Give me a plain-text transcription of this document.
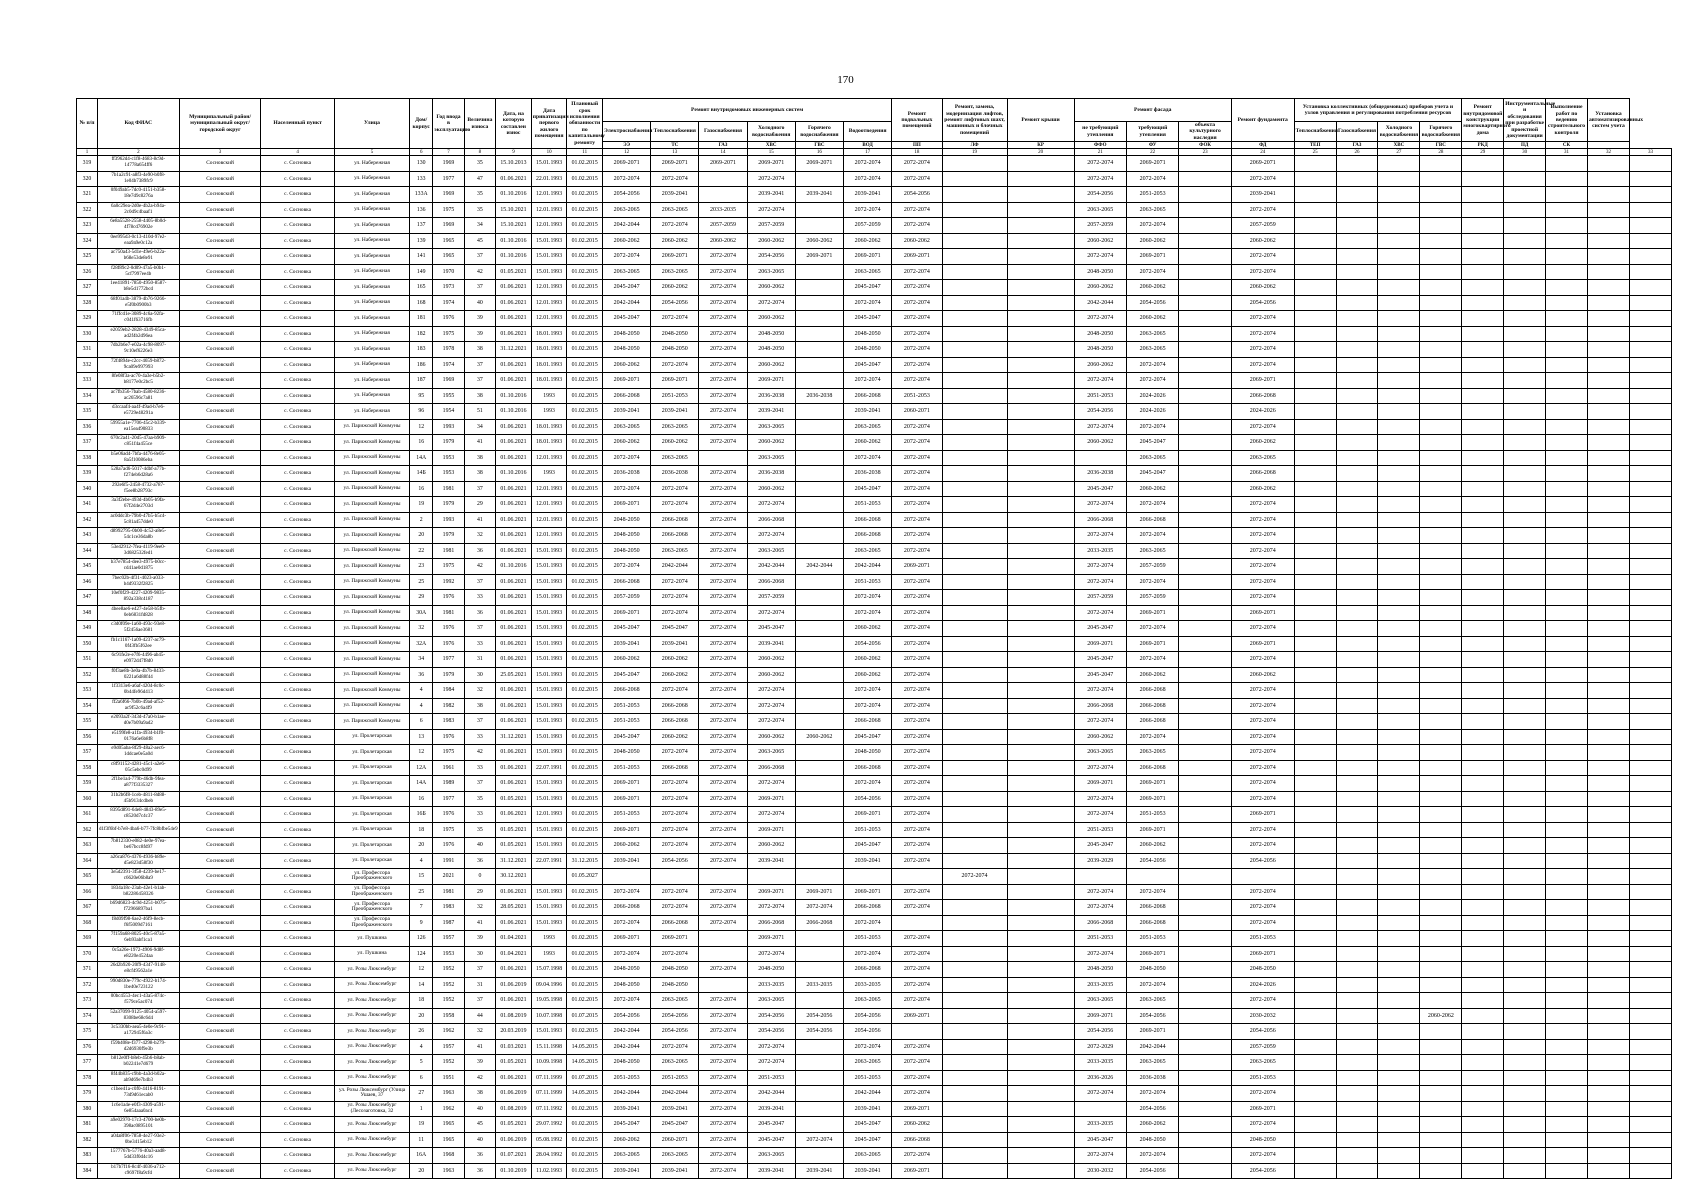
170
№ п/п	Код ФИАС	Муниципальный район/муниципальный округ/городской округ	Населенный пункт	Улица	Дом/корпус	Год ввода в эксплуатацию	Величина износа	Дата, на которую составлен износ	Дата приватизации первого жилого помещения	Плановый срок исполнения обязанности по капитальному ремонту	Ремонт внутридомовых инженерных систем						Ремонт подвальных помещений	Ремонт, замена, модернизация лифтов, ремонт лифтовых шахт, машинных и блочных помещений	Ремонт крыши	Ремонт фасада			Ремонт фундамента	Установка коллективных (общедомовых) приборов учета и узлов управления и регулирования потребления ресурсов				Ремонт внутридомовой конструкции многоквартирного дома	Инструментальные и обследования при разработке проектной документации	Выполнение работ по ведению строительного контроля	Установка автоматизированных систем учета	
											Электроснабжения	Теплоснабжения	Газоснабжения	Холодного водоснабжения	Горячего водоснабжения	Водоотведения				не требующий утепления	требующий утепления	объекта культурного наследия		Теплоснабжения	Газоснабжения	Холодного водоснабжения	Горячего водоснабжения					
											ЭЭ	ТС	ГАЗ	ХВС	ГВС	ВОД	ПП	ЛФ	КР	ФФО	ФУ	ФОК	ФД	ТЕП	ГАЗ	ХВС	ГВС	РКД	ПД	СК		
1	2	3	4	5	6	7	8	9	10	11	12	13	14	15	16	17	18	19	20	21	22	23	24	25	26	27	28	29	30	31	32	33
319	ff3962d4-c1f8-4683-8c9d-14778a654ff6	Сосновский	с. Сосновка	ул. Набережная	130	1969	35	15.10.2013	15.01.1993	01.02.2015	2069-2071	2069-2071	2069-2071	2069-2071	2069-2071	2072-2074	2072-2074			2072-2074	2069-2071		2069-2071									
320	7b1a2c91-a8f3-4e90-b0f8-1e04b7389fc9	Сосновский	с. Сосновка	ул. Набережная	133	1977	47	01.06.2021	22.01.1993	01.02.2015	2072-2074	2072-2074		2072-2074		2072-2074	2072-2074			2072-2074	2072-2074		2072-2074									
321	0f049ab5-7dc0-4151-b358-18e7d9c8276a	Сосновский	с. Сосновка	ул. Набережная	133А	1969	35	01.10.2016	12.01.1993	01.02.2015	2054-2056	2039-2041		2039-2041	2039-2041	2039-2041	2054-2056			2054-2056	2051-2053		2039-2041									
322	6a0c29ea-2d0e-4b2a-b94a-2c0d9c4baaf1	Сосновский	с. Сосновка	ул. Набережная	136	1975	35	15.10.2021	12.01.1993	01.02.2015	2063-2065	2063-2065	2033-2035	2072-2074		2072-2074	2072-2074			2063-2065	2063-2065		2072-2074									
323	6e8a5528-2558-4405-8b0d-4f78cd76902e	Сосновский	с. Сосновка	ул. Набережная	137	1969	34	15.10.2021	12.01.1993	01.02.2015	2042-2044	2072-2074	2057-2059	2057-2059		2057-2059	2072-2074			2057-2059	2072-2074		2057-2059									
324	0ee995d3-0c13-410d-97e2-eaa9a9e0c12a	Сосновский	с. Сосновка	ул. Набережная	139	1965	45	01.10.2016	15.01.1993	01.02.2015	2060-2062	2060-2062	2060-2062	2060-2062	2060-2062	2060-2062	2060-2062			2060-2062	2060-2062		2060-2062									
325	ac750a43-5d1e-49e6-b22a-b68e53de8e91	Сосновский	с. Сосновка	ул. Набережная	141	1965	37	01.10.2016	15.01.1993	01.02.2015	2072-2074	2069-2071	2072-2074	2054-2056	2069-2071	2069-2071	2069-2071			2072-2074	2069-2071		2072-2074									
326	f28f89c2-0d09-47a5-b0b1-5cf7997ee4b	Сосновский	с. Сосновка	ул. Набережная	149	1970	42	01.05.2021	15.01.1993	01.02.2015	2063-2065	2063-2065	2072-2074	2063-2065		2063-2065	2072-2074			2048-2050	2072-2074		2072-2074									
327	1ee41891-7850-4950-8587-b8e5d1772bcd	Сосновский	с. Сосновка	ул. Набережная	165	1973	37	01.06.2021	12.01.1993	01.02.2015	2045-2047	2060-2062	2072-2074	2060-2062		2045-2047	2072-2074			2060-2062	2060-2062		2060-2062									
328	68f01a4b-3879-4b76-9266-e5f0b0900b3	Сосновский	с. Сосновка	ул. Набережная	168	1974	40	01.06.2021	12.01.1993	01.02.2015	2042-2044	2054-2056	2072-2074	2072-2074		2072-2074	2072-2074			2042-2044	2054-2056		2054-2056									
329	71ffcd1e-3089-4c6a-92fa-c041f63716fb	Сосновский	с. Сосновка	ул. Набережная	181	1976	39	01.06.2021	12.01.1993	01.02.2015	2045-2047	2072-2074	2072-2074	2060-2062		2045-2047	2072-2074			2072-2074	2060-2062		2072-2074									
330	e2059eb2-2828-4349-85ca-ad2f4b2d96ea	Сосновский	с. Сосновка	ул. Набережная	182	1975	39	01.06.2021	18.01.1993	01.02.2015	2048-2050	2048-2050	2072-2074	2048-2050		2048-2050	2072-2074			2048-2050	2063-2065		2072-2074									
331	7db2b6e7-e02a-4c98-8097-9c10ef6226e3	Сосновский	с. Сосновка	ул. Набережная	183	1978	38	31.12.2021	18.01.1993	01.02.2015	2048-2050	2048-2050	2072-2074	2048-2050		2048-2050	2072-2074			2048-2050	2063-2065		2072-2074									
332	72f4894e-c2cc-4659-b872-9ca09e997993	Сосновский	с. Сосновка	ул. Набережная	186	1974	37	01.06.2021	18.01.1993	01.02.2015	2060-2062	2072-2074	2072-2074	2060-2062		2045-2047	2072-2074			2060-2062	2072-2074		2072-2074									
333	8fe08f3a-ac70-4a3e-b5b2-b8177e0c2bc5	Сосновский	с. Сосновка	ул. Набережная	187	1969	37	01.06.2021	18.01.1993	01.02.2015	2069-2071	2069-2071	2072-2074	2069-2071		2072-2074	2072-2074			2072-2074	2072-2074		2069-2071									
334	ac7fb356-7bab-4580-8236-ac26596c7a81	Сосновский	с. Сосновка	ул. Набережная	95	1955	38	01.10.2016	1993	01.02.2015	2066-2068	2051-2053	2072-2074	2036-2038	2036-2038	2066-2068	2051-2053			2051-2053	2024-2026		2066-2068									
335	d3ccaaf4-aa4f-49ad-b7e6-e5729e48291a	Сосновский	с. Сосновка	ул. Набережная	96	1954	51	01.10.2016	1993	01.02.2015	2039-2041	2039-2041	2072-2074	2039-2041		2039-2041	2060-2071			2054-2056	2024-2026		2024-2026									
336	59955a1e-7706-45c2-b339-ea15ea490833	Сосновский	с. Сосновка	ул. Парижской Коммуны	12	1993	34	01.06.2021	18.01.1993	01.02.2015	2063-2065	2063-2065	2072-2074	2063-2065		2063-2065	2072-2074			2072-2074	2072-2074		2072-2074									
337	670c2a41-20d5-47aa-b909-c851f4a455ce	Сосновский	с. Сосновка	ул. Парижской Коммуны	16	1979	41	01.06.2021	18.01.1993	01.02.2015	2060-2062	2060-2062	2072-2074	2060-2062		2060-2062	2072-2074			2060-2062	2045-2047		2060-2062									
338	b5e06ad4-7bfa-4476-8e05-8a5f10086eba	Сосновский	с. Сосновка	ул. Парижской Коммуны	14А	1953	38	01.06.2021	12.01.1993	01.02.2015	2072-2074	2063-2065		2063-2065		2072-2074	2072-2074				2063-2065		2063-2065									
339	528a7ad6-5017-4dbf-a77b-f274eb6d28a6	Сосновский	с. Сосновка	ул. Парижской Коммуны	14Б	1953	38	01.10.2016	1993	01.02.2015	2036-2038	2036-2038	2072-2074	2036-2038		2036-2038	2072-2074			2036-2038	2045-2047		2066-2068									
340	292e6f5-2458-4732-a787-f5ee8b28793c	Сосновский	с. Сосновка	ул. Парижской Коммуны	16	1981	37	01.06.2021	12.01.1993	01.02.2015	2072-2074	2072-2074	2072-2074	2060-2062		2045-2047	2072-2074			2045-2047	2060-2062		2060-2062									
341	3a3f2ebe-493d-4b05-b9fa-67f2d4e2703d	Сосновский	с. Сосновка	ул. Парижской Коммуны	19	1979	29	01.06.2021	12.01.1993	01.02.2015	2069-2071	2072-2074	2072-2074	2072-2074		2051-2053	2072-2074			2072-2074	2072-2074		2072-2074									
342	ac0ddc3b-79b0-47b5-b5c4-5c81a457dde0	Сосновский	с. Сосновка	ул. Парижской Коммуны	2	1993	41	01.06.2021	12.01.1993	01.02.2015	2048-2050	2066-2068	2072-2074	2066-2068		2066-2068	2072-2074			2066-2068	2066-2068		2072-2074									
343	d8992795-0b00-4c52-a8e5-54c1ce36da8b	Сосновский	с. Сосновка	ул. Парижской Коммуны	20	1979	32	01.06.2021	12.01.1993	01.02.2015	2048-2050	2066-2068	2072-2074	2072-2074		2066-2068	2072-2074			2072-2074	2072-2074		2072-2074									
344	53e42912-7fea-4119-9ee0-3d682532fed1	Сосновский	с. Сосновка	ул. Парижской Коммуны	22	1981	36	01.06.2021	15.01.1993	01.02.2015	2048-2050	2063-2065	2072-2074	2063-2065		2063-2065	2072-2074			2033-2035	2063-2065		2072-2074									
345	b37e7854-dee3-4975-b0cc-cd41ae0d1875	Сосновский	с. Сосновка	ул. Парижской Коммуны	23	1975	42	01.10.2016	15.01.1993	01.02.2015	2072-2074	2042-2044	2072-2074	2042-2044	2042-2044	2042-2044	2069-2071			2072-2074	2057-2059		2072-2074									
346	7bec02b-4f31-4023-a033-b4d9332f2825	Сосновский	с. Сосновка	ул. Парижской Коммуны	25	1992	37	01.06.2021	15.01.1993	01.02.2015	2066-2068	2072-2074	2072-2074	2066-2068		2051-2053	2072-2074			2072-2074	2072-2074		2072-2074									
347	10ef0f29-4227-4209-9835-892a338c4187	Сосновский	с. Сосновка	ул. Парижской Коммуны	29	1976	33	01.06.2021	15.01.1993	01.02.2015	2057-2059	2072-2074	2072-2074	2057-2059		2072-2074	2072-2074			2057-2059	2057-2059		2072-2074									
348	4bee8ae6-e427-4e58-b5fb-0eb6831fd828	Сосновский	с. Сосновка	ул. Парижской Коммуны	30А	1981	36	01.06.2021	15.01.1993	01.02.2015	2069-2071	2072-2074	2072-2074	2072-2074		2072-2074	2072-2074			2072-2074	2069-2071		2069-2071									
349	c3d0f09e-1a60-493c-93e8-5f2456ae3681	Сосновский	с. Сосновка	ул. Парижской Коммуны	32	1976	37	01.06.2021	15.01.1993	01.02.2015	2045-2047	2045-2047	2072-2074	2045-2047		2060-2062	2072-2074			2045-2047	2072-2074		2072-2074									
350	fb1c1167-1a09-4237-ac79-0f43fb5f62ee	Сосновский	с. Сосновка	ул. Парижской Коммуны	32А	1976	33	01.06.2021	15.01.1993	01.02.2015	2039-2041	2039-2041	2072-2074	2039-2041		2054-2056	2072-2074			2069-2071	2069-2071		2069-2071									
351	6c91fe2e-e7f6-4496-ab45-e0972d47f8d0	Сосновский	с. Сосновка	ул. Парижской Коммуны	34	1977	31	01.06.2021	15.01.1993	01.02.2015	2060-2062	2060-2062	2072-2074	2060-2062		2060-2062	2072-2074			2045-2047	2072-2074		2072-2074									
352	f0f3ae8b-3e0a-4b7b-8433-0221a6d88f44	Сосновский	с. Сосновка	ул. Парижской Коммуны	36	1979	30	25.05.2021	15.01.1993	01.02.2015	2045-2047	2060-2062	2072-2074	2060-2062		2060-2062	2072-2074			2045-2047	2060-2062		2060-2062									
353	1f3313e6-a6af-4204-8c0c-0b44fe96d413	Сосновский	с. Сосновка	ул. Парижской Коммуны	4	1984	32	01.06.2021	15.01.1993	01.02.2015	2066-2068	2072-2074	2072-2074	2072-2074		2072-2074	2072-2074			2072-2074	2066-2068		2072-2074									
354	ff2a6f66-7b0b-49ad-af52-ac9f52c6a4f9	Сосновский	с. Сосновка	ул. Парижской Коммуны	4	1982	38	01.06.2021	15.01.1993	01.02.2015	2051-2053	2066-2068	2072-2074	2072-2074		2072-2074	2072-2074			2066-2068	2066-2068		2072-2074									
355	e2093a2f-343d-47a0-b1ae-d0e7b09a9ad2	Сосновский	с. Сосновка	ул. Парижской Коммуны	6	1983	37	01.06.2021	15.01.1993	01.02.2015	2051-2053	2066-2068	2072-2074	2072-2074		2066-2068	2072-2074			2072-2074	2066-2068		2072-2074									
356	e5199fe8-a1fa-4934-b1f0-0176a6e6b8f8	Сосновский	с. Сосновка	ул. Пролетарская	13	1976	33	31.12.2021	15.01.1993	01.02.2015	2045-2047	2060-2062	2072-2074	2060-2062	2060-2062	2045-2047	2072-2074			2060-2062	2072-2074		2072-2074									
357	e9d05aba-8f29-48a2-aec6-1ddcae0e5a0d	Сосновский	с. Сосновка	ул. Пролетарская	12	1975	42	01.06.2021	15.01.1993	01.02.2015	2048-2050	2072-2074	2072-2074	2063-2065		2048-2050	2072-2074			2063-2065	2063-2065		2072-2074									
358	c8f91152-4281-45c1-a2e6-05c5ebc0d99	Сосновский	с. Сосновка	ул. Пролетарская	12А	1961	33	01.06.2021	22.07.1991	01.02.2015	2051-2053	2066-2068	2072-2074	2066-2068		2066-2068	2072-2074			2072-2074	2066-2068		2072-2074									
359	2f1be1a4-779b-46db-9fea-a877f3335327	Сосновский	с. Сосновка	ул. Пролетарская	14А	1989	37	01.06.2021	15.01.1993	01.02.2015	2069-2071	2072-2074	2072-2074	2072-2074		2072-2074	2072-2074			2069-2071	2069-2071		2072-2074									
360	31b2b6f8-1ceb-4811-8d88-45b9134cdbeb	Сосновский	с. Сосновка	ул. Пролетарская	16	1977	35	01.05.2021	15.01.1993	01.02.2015	2069-2071	2072-2074	2072-2074	2069-2071		2054-2056	2072-2074			2072-2074	2069-2071		2072-2074									
361	8395d891-64e8-4843-89e5-c8520d7c4c37	Сосновский	с. Сосновка	ул. Пролетарская	16Б	1976	33	01.06.2021	12.01.1993	01.02.2015	2051-2053	2072-2074	2072-2074	2072-2074		2069-2071	2072-2074			2072-2074	2051-2053		2069-2071									
362	d1f3f6bf-b7e8-4ba6-b77-7fc8bfbe54e9	Сосновский	с. Сосновка	ул. Пролетарская	18	1975	35	01.05.2021	15.01.1993	01.02.2015	2069-2071	2072-2074	2072-2074	2069-2071		2051-2053	2072-2074			2051-2053	2069-2071		2072-2074									
363	7b812330-e082-4e0e-97ea-be67bcc8fd97	Сосновский	с. Сосновка	ул. Пролетарская	20	1976	40	01.05.2021	15.01.1993	01.02.2015	2060-2062	2072-2074	2072-2074	2060-2062		2045-2047	2072-2074			2045-2047	2060-2062		2072-2074									
364	a26ca876-4376-4936-b89e-d5e823d58f30	Сосновский	с. Сосновка	ул. Пролетарская	4	1991	36	31.12.2021	22.07.1991	31.12.2015	2039-2041	2054-2056	2072-2074	2039-2041		2039-2041	2072-2074			2039-2029	2054-2056		2054-2056									
365	3e5d2391-3f58-4239-be17-c6620e06b8a9	Сосновский	с. Сосновка	ул. Профессора Преображенского	15	2021	0	30.12.2021		01.05.2027								2072-2074														
366	1834a18c-23ab-42e1-b1ab-b82286458326	Сосновский	с. Сосновка	ул. Профессора Преображенского	25	1981	29	01.06.2021	15.01.1993	01.02.2015	2072-2074	2072-2074	2072-2074	2069-2071	2069-2071	2069-2071	2072-2074			2072-2074	2072-2074		2072-2074									
367	b69d6823-4c9d-4251-b075-f72966897ba1	Сосновский	с. Сосновка	ул. Профессора Преображенского	7	1983	32	28.05.2021	15.01.1993	01.02.2015	2066-2068	2072-2074	2072-2074	2072-2074	2072-2074	2066-2068	2072-2074			2072-2074	2066-2068		2072-2074									
368	f8d09f98-6ae2-46f9-8ecb-f6f5009d7161	Сосновский	с. Сосновка	ул. Профессора Преображенского	9	1987	41	01.06.2021	15.01.1993	01.02.2015	2072-2074	2066-2068	2072-2074	2066-2068	2066-2068	2072-2074				2066-2068	2066-2068		2072-2074									
369	7f159a68-8025-40c5-87a5-6eb93abf1ca1	Сосновский	с. Сосновка	ул. Пушкина	126	1957	39	01.04.2021	1993	01.02.2015	2069-2071	2069-2071		2069-2071		2051-2053	2072-2074			2051-2053	2051-2053		2051-2053									
370	0c5a26e-1972-4906-9d8f-e8220e4524aa	Сосновский	с. Сосновка	ул. Пушкина	124	1953	30	01.04.2021	1993	01.02.2015	2072-2074	2072-2074		2072-2074		2072-2074	2072-2074			2072-2074	2069-2071		2069-2071									
371	26d2b920-20f9-4347-9148-e8cf49562a1e	Сосновский	с. Сосновка	ул. Розы Люксембург	12	1952	37	01.06.2021	15.07.1998	01.02.2015	2048-2050	2048-2050	2072-2074	2048-2050		2066-2068	2072-2074			2048-2050	2048-2050		2048-2050									
372	990d830e-779c-4922-b174-1be40e723122	Сосновский	с. Сосновка	ул. Розы Люксембург	14	1952	31	01.06.2019	09.04.1996	01.02.2015	2048-2050	2048-2050		2033-2035	2033-2035	2033-2035	2072-2074			2033-2035	2072-2074		2024-2026									
373	00bc4553-4ec1-43a5-874c-f579ce5ac074	Сосновский	с. Сосновка	ул. Розы Люксембург	18	1952	37	01.06.2021	19.05.1998	01.02.2015	2072-2074	2063-2065	2072-2074	2063-2065		2063-2065	2072-2074			2063-2065	2063-2065		2072-2074									
374	52a37099-9125-4054-a597-8308be68c6d4	Сосновский	с. Сосновка	ул. Розы Люксембург	20	1958	44	01.08.2019	10.07.1998	01.07.2015	2054-2056	2054-2056	2072-2074	2054-2056	2054-2056	2054-2056	2069-2071			2069-2071	2054-2056		2030-2032				2060-2062					
375	3c5330bb-aea5-4e0e-9c91-a172945f6a3c	Сосновский	с. Сосновка	ул. Розы Люксембург	26	1962	32	20.03.2019	15.01.1993	01.02.2015	2042-2044	2054-2056	2072-2074	2054-2056	2054-2056	2054-2056				2054-2056	2069-2071		2054-2056									
376	f59b408e-f377-4298-b279-d2d6930f9e3b	Сосновский	с. Сосновка	ул. Розы Люксембург	4	1957	41	01.03.2021	15.11.1998	14.05.2015	2042-2044	2072-2074	2072-2074	2072-2074		2072-2074	2072-2074			2072-2029	2042-2044		2057-2059									
377	b812e0ff-b8eb-45b6-b8ab-b02241e7d679	Сосновский	с. Сосновка	ул. Розы Люксембург	5	1952	39	01.05.2021	10.09.1998	14.05.2015	2048-2050	2063-2065	2072-2074	2072-2074		2063-2065	2072-2074			2033-2035	2063-2065		2063-2065									
378	8f44b835-c9bb-4a3d-b02a-ab9d69e7b4b3	Сосновский	с. Сосновка	ул. Розы Люксембург	6	1951	42	01.06.2021	07.11.1999	01.07.2015	2051-2053	2051-2053	2072-2074	2051-2053		2051-2053	2072-2074			2036-2026	2036-2038		2051-2053									
379	c1bee41a-c0f0-4416-8191-73d9d61ecab0	Сосновский	с. Сосновка	ул. Розы Люксембург (Улица Ушаев, 37	27	1963	38	01.06.2019	07.11.1999	14.05.2015	2042-2044	2042-2044	2072-2074	2042-2044		2042-2044	2072-2074			2072-2074	2072-2074		2072-2074									
380	1c6e1a4e-e0f3-4309-a591-6e854aaa0ac4	Сосновский	с. Сосновка	ул. Розы Люксембург (Лесозаготовка, 32	1	1962	40	01.08.2019	07.11.1992	01.02.2015	2039-2041	2039-2041	2072-2074	2039-2041		2039-2041	2069-2071				2054-2056		2069-2071									
381	a9e02970-17c3-4700-be0b-398ac0895101	Сосновский	с. Сосновка	ул. Розы Люксембург	19	1965	45	01.05.2021	29.07.1992	01.02.2015	2045-2047	2045-2047	2072-2074	2045-2047		2045-2047	2060-2062			2033-2035	2060-2062		2072-2074									
382	a04a8f06-7858-4e27-93e2-0be3415eb12	Сосновский	с. Сосновка	ул. Розы Люксембург	11	1965	40	01.06.2019	05.08.1992	01.02.2015	2060-2062	2060-2071	2072-2074	2045-2047	2072-2074	2045-2047	2066-2068			2045-2047	2048-2050		2048-2050									
383	1577767b-5776-40a3-aad8-5dd33f0d4c16	Сосновский	с. Сосновка	ул. Розы Люксембург	16А	1968	36	01.07.2021	28.04.1992	01.02.2015	2063-2065	2063-2065	2072-2074	2063-2065		2063-2065	2072-2074			2072-2074	2072-2074		2072-2074									
384	b17b7f16-8c4f-4036-a712-c9697f8a9cfd	Сосновский	с. Сосновка	ул. Розы Люксембург	20	1963	36	01.10.2019	11.02.1993	01.02.2015	2039-2041	2039-2041	2072-2074	2039-2041	2039-2041	2039-2041	2069-2071			2030-2032	2054-2056		2054-2056									
